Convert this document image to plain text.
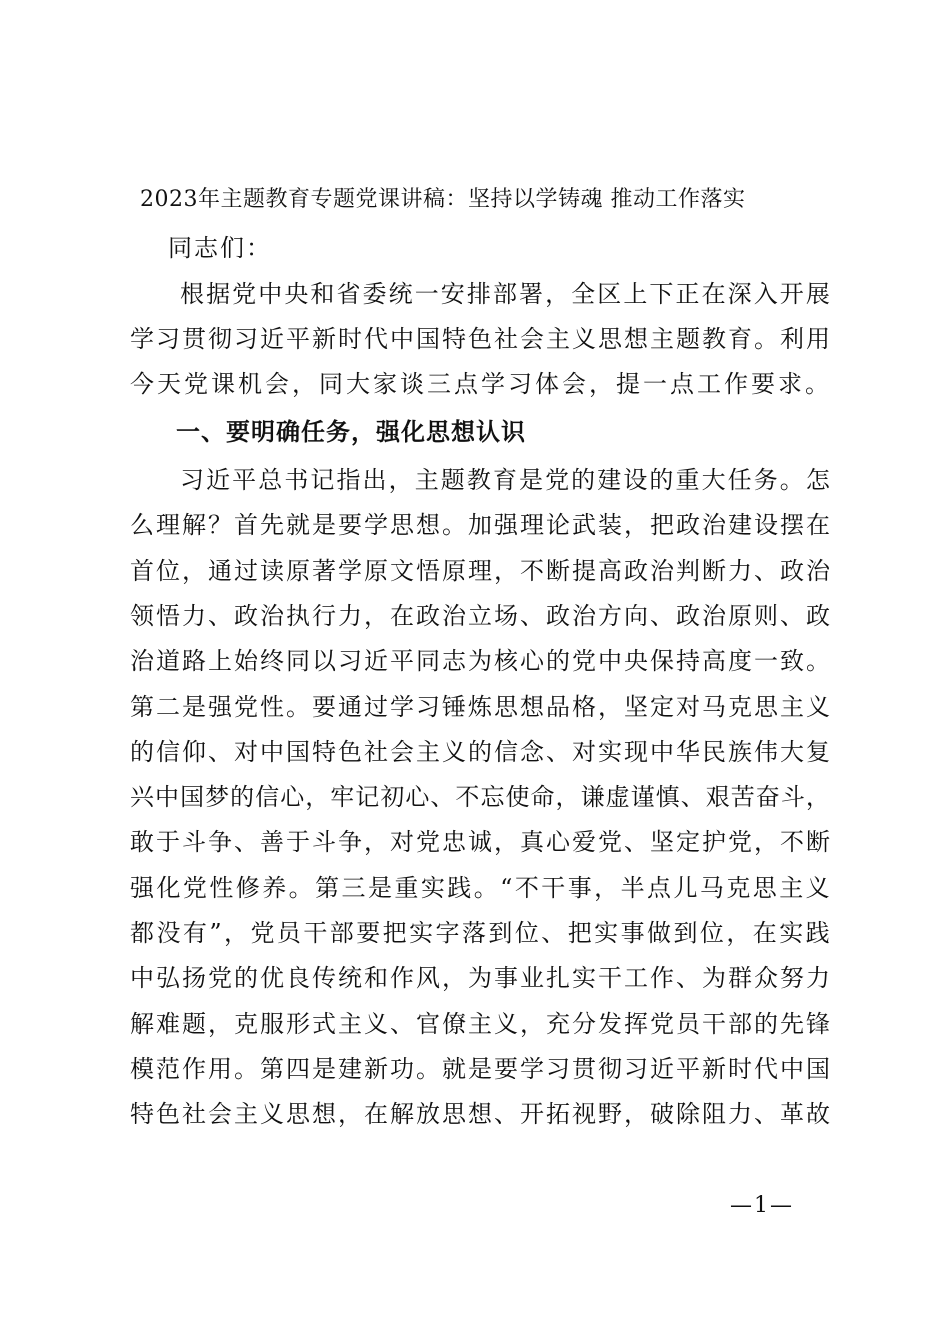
2023年主题教育专题党课讲稿：坚持以学铸魂 推动工作落实
同志们：
根 据 党 中 央 和 省 委 统 一 安 排 部 署 ， 全 区 上 下 正 在 深 入 开 展
学 习 贯 彻 习 近 平 新 时 代 中 国 特 色 社 会 主 义 思 想 主 题 教 育 。 利 用
今天党课机会，同大家谈三点学习体会，提一点工作要求。
一、要明确任务，强化思想认识
习 近 平 总 书 记 指 出 ， 主 题 教 育 是 党 的 建 设 的 重 大 任 务 。 怎
么 理 解 ？ 首 先 就 是 要 学 思 想 。 加 强 理 论 武 装 ， 把 政 治 建 设 摆 在
首 位 ， 通 过 读 原 著 学 原 文 悟 原 理 ， 不 断 提 高 政 治 判 断 力 、 政 治
领 悟 力 、 政 治 执 行 力 ， 在 政 治 立 场 、 政 治 方 向 、 政 治 原 则 、 政
治 道 路 上 始 终 同 以 习 近 平 同 志 为 核 心 的 党 中 央 保 持 高 度 一 致 。
第 二 是 强 党 性 。 要 通 过 学 习 锤 炼 思 想 品 格 ， 坚 定 对 马 克 思 主 义
的 信 仰 、 对 中 国 特 色 社 会 主 义 的 信 念 、 对 实 现 中 华 民 族 伟 大 复
兴 中 国 梦 的 信 心 ， 牢 记 初 心 、 不 忘 使 命 ， 谦 虚 谨 慎 、 艰 苦 奋 斗 ，
敢 于 斗 争 、 善 于 斗 争 ， 对 党 忠 诚 ， 真 心 爱 党 、 坚 定 护 党 ， 不 断
强 化 党 性 修 养 。 第 三 是 重 实 践 。 “ 不 干 事 ， 半 点 儿 马 克 思 主 义
都 没 有 ” ， 党 员 干 部 要 把 实 字 落 到 位 、 把 实 事 做 到 位 ， 在 实 践
中 弘 扬 党 的 优 良 传 统 和 作 风 ， 为 事 业 扎 实 干 工 作 、 为 群 众 努 力
解 难 题 ， 克 服 形 式 主 义 、 官 僚 主 义 ， 充 分 发 挥 党 员 干 部 的 先 锋
模 范 作 用 。 第 四 是 建 新 功 。 就 是 要 学 习 贯 彻 习 近 平 新 时 代 中 国
特 色 社 会 主 义 思 想 ， 在 解 放 思 想 、 开 拓 视 野 ， 破 除 阻 力 、 革 故
—1—
